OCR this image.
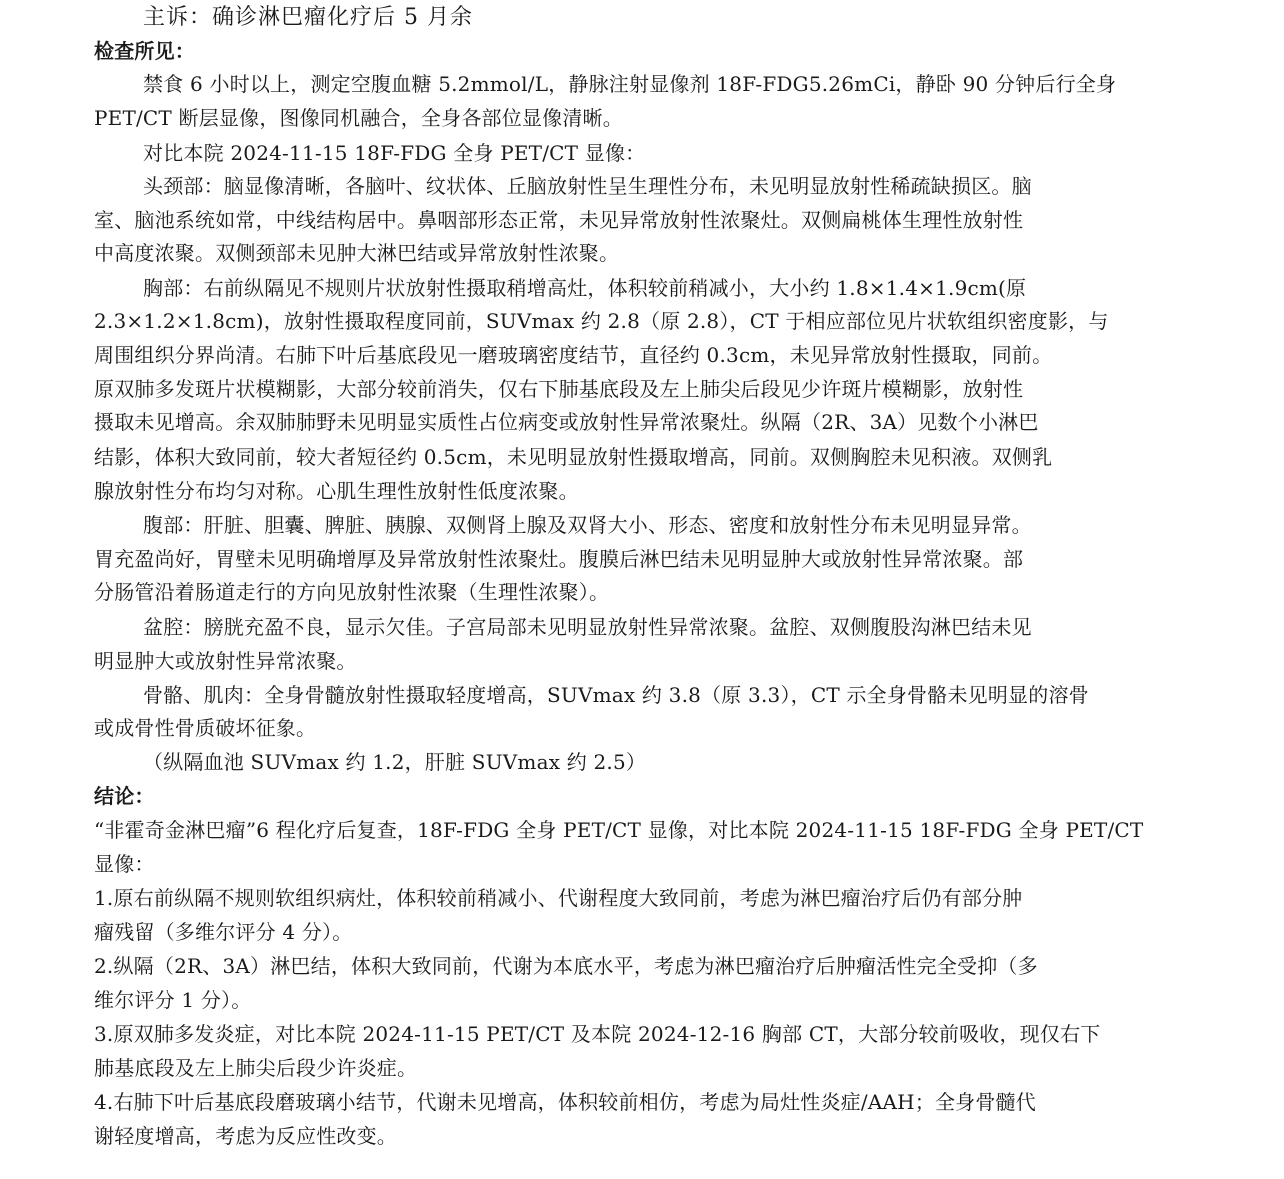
主诉：确诊淋巴瘤化疗后 5 月余

检查所见：

禁食 6 小时以上，测定空腹血糖 5.2mmol/L，静脉注射显像剂 18F-FDG5.26mCi，静卧 90 分钟后行全身

PET/CT 断层显像，图像同机融合，全身各部位显像清晰。

对比本院 2024-11-15 18F-FDG 全身 PET/CT 显像：

头颈部：脑显像清晰，各脑叶、纹状体、丘脑放射性呈生理性分布，未见明显放射性稀疏缺损区。脑

室、脑池系统如常，中线结构居中。鼻咽部形态正常，未见异常放射性浓聚灶。双侧扁桃体生理性放射性

中高度浓聚。双侧颈部未见肿大淋巴结或异常放射性浓聚。

胸部：右前纵隔见不规则片状放射性摄取稍增高灶，体积较前稍减小，大小约 1.8×1.4×1.9cm(原

2.3×1.2×1.8cm)，放射性摄取程度同前，SUVmax 约 2.8（原 2.8），CT 于相应部位见片状软组织密度影，与

周围组织分界尚清。右肺下叶后基底段见一磨玻璃密度结节，直径约 0.3cm，未见异常放射性摄取，同前。

原双肺多发斑片状模糊影，大部分较前消失，仅右下肺基底段及左上肺尖后段见少许斑片模糊影，放射性

摄取未见增高。余双肺肺野未见明显实质性占位病变或放射性异常浓聚灶。纵隔（2R、3A）见数个小淋巴

结影，体积大致同前，较大者短径约 0.5cm，未见明显放射性摄取增高，同前。双侧胸腔未见积液。双侧乳

腺放射性分布均匀对称。心肌生理性放射性低度浓聚。

腹部：肝脏、胆囊、脾脏、胰腺、双侧肾上腺及双肾大小、形态、密度和放射性分布未见明显异常。

胃充盈尚好，胃壁未见明确增厚及异常放射性浓聚灶。腹膜后淋巴结未见明显肿大或放射性异常浓聚。部

分肠管沿着肠道走行的方向见放射性浓聚（生理性浓聚）。

盆腔：膀胱充盈不良，显示欠佳。子宫局部未见明显放射性异常浓聚。盆腔、双侧腹股沟淋巴结未见

明显肿大或放射性异常浓聚。

骨骼、肌肉：全身骨髓放射性摄取轻度增高，SUVmax 约 3.8（原 3.3），CT 示全身骨骼未见明显的溶骨

或成骨性骨质破坏征象。

（纵隔血池 SUVmax 约 1.2，肝脏 SUVmax 约 2.5）

结论：

“非霍奇金淋巴瘤”6 程化疗后复查，18F-FDG 全身 PET/CT 显像，对比本院 2024-11-15 18F-FDG 全身 PET/CT

显像：

1.原右前纵隔不规则软组织病灶，体积较前稍减小、代谢程度大致同前，考虑为淋巴瘤治疗后仍有部分肿

瘤残留（多维尔评分 4 分）。

2.纵隔（2R、3A）淋巴结，体积大致同前，代谢为本底水平，考虑为淋巴瘤治疗后肿瘤活性完全受抑（多

维尔评分 1 分）。

3.原双肺多发炎症，对比本院 2024-11-15 PET/CT 及本院 2024-12-16 胸部 CT，大部分较前吸收，现仅右下

肺基底段及左上肺尖后段少许炎症。

4.右肺下叶后基底段磨玻璃小结节，代谢未见增高，体积较前相仿，考虑为局灶性炎症/AAH；全身骨髓代

谢轻度增高，考虑为反应性改变。
